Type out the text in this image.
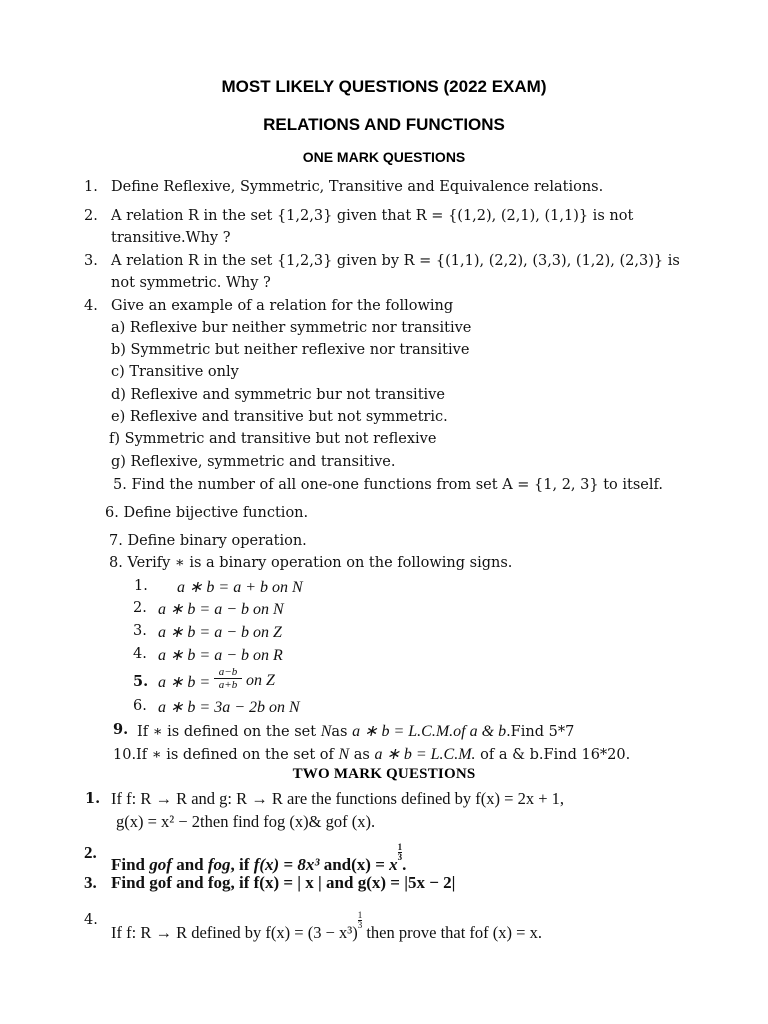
MOST LIKELY QUESTIONS (2022 EXAM)
RELATIONS AND FUNCTIONS
ONE MARK QUESTIONS
1. Define Reflexive, Symmetric, Transitive and Equivalence relations.
2. A relation R in the set {1,2,3} given that R = {(1,2), (2,1), (1,1)} is not
transitive.Why ?
3. A relation R in the set {1,2,3} given by R = {(1,1), (2,2), (3,3), (1,2), (2,3)} is
not symmetric. Why ?
4. Give an example of a relation for the following
a) Reflexive bur neither symmetric nor transitive
b) Symmetric but neither reflexive nor transitive
c) Transitive only
d) Reflexive and symmetric bur not transitive
e) Reflexive and transitive but not symmetric.
f) Symmetric and transitive but not reflexive
g) Reflexive, symmetric and transitive.
5. Find the number of all one-one functions from set A = {1, 2, 3} to itself.
6. Define bijective function.
7. Define binary operation.
8. Verify ∗ is a binary operation on the following signs.
1. a ∗ b = a + b on N
2. a ∗ b = a − b on N
3. a ∗ b = a − b on Z
4. a ∗ b = a − b on R
5. a ∗ $b = \frac{a-b}{a+b}$ on Z
6. a ∗ b = 3a − 2b on N
9. If ∗ is defined on the set Nas a ∗ b = L.C.M.of a & b.Find 5*7
10.If ∗ is defined on the set of N as a ∗ b = L.C.M. of a & b.Find 16*20.
TWO MARK QUESTIONS
1. If f: R → R and g: R → R are the functions defined by f(x) = 2x + 1,
g(x) = x² − 2then find fog (x)& gof (x).
2.
Find gof and fog, if f(x) = 8x³ and(x) = x
$\frac{1}{3}$
.
3. Find gof and fog, if f(x) = | x | and g(x) = |5x − 2|
4.
If f: R → R defined by f(x) = (3 − x³)
$\frac{1}{3}$
then prove that fof (x) = x.
